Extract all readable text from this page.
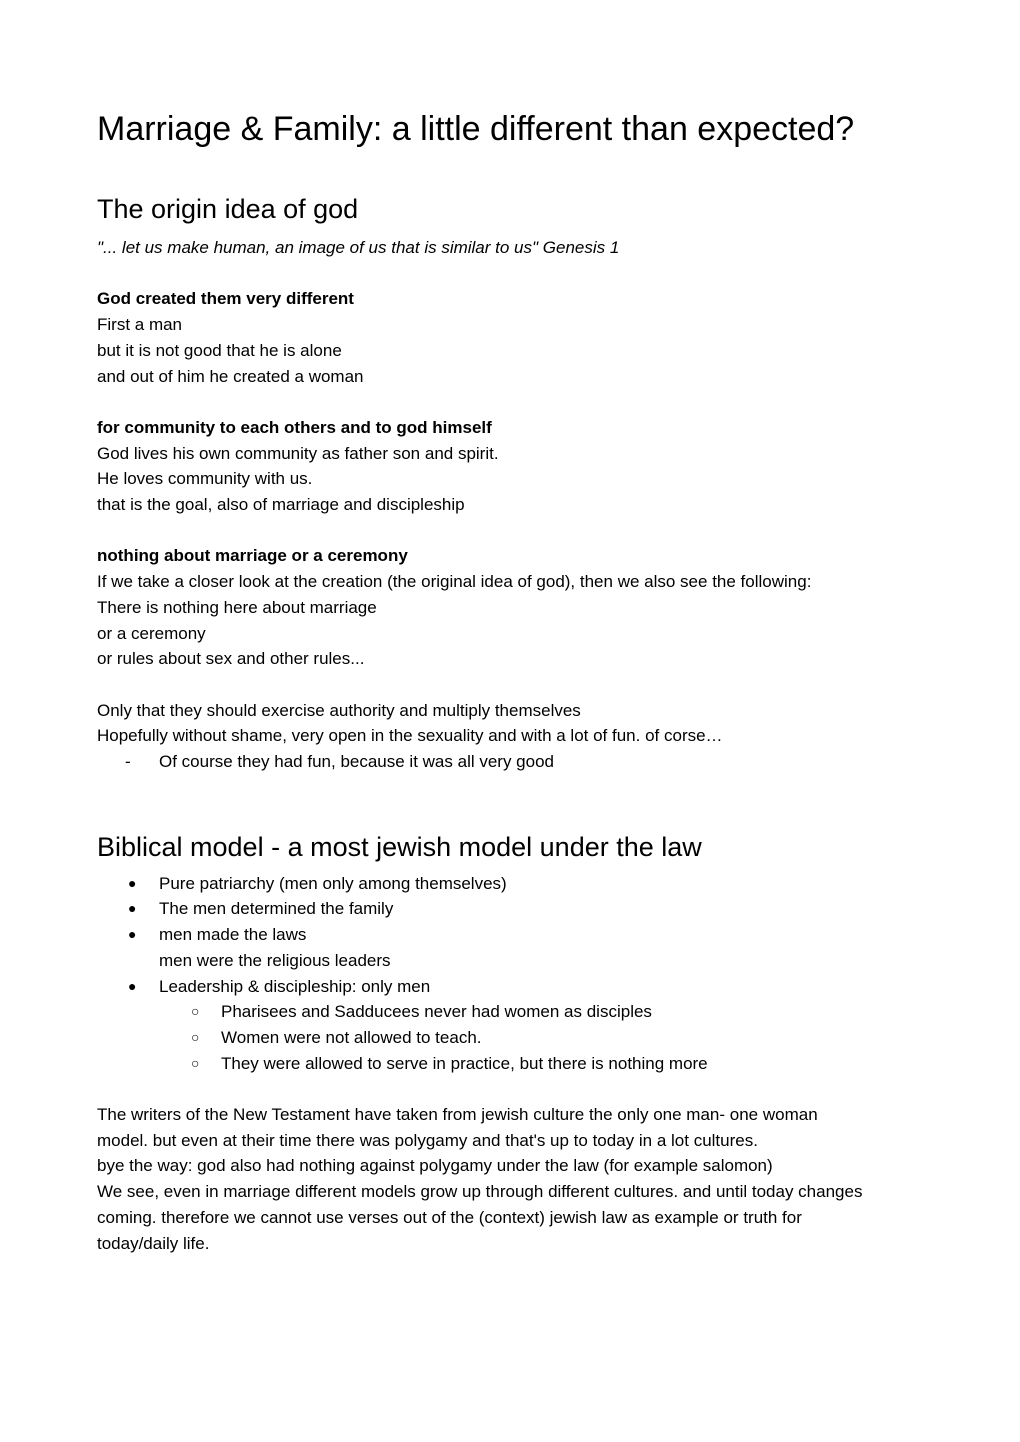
Marriage & Family: a little different than expected?
The origin idea of god
"... let us make human, an image of us that is similar to us" Genesis 1
God created them very different
First a man
but it is not good that he is alone
and out of him he created a woman
for community to each others and to god himself
God lives his own community as father son and spirit.
He loves community with us.
that is the goal, also of marriage and discipleship
nothing about marriage or a ceremony
If we take a closer look at the creation (the original idea of god), then we also see the following:
There is nothing here about marriage
or a ceremony
or rules about sex and other rules...
Only that they should exercise authority and multiply themselves
Hopefully without shame, very open in the sexuality and with a lot of fun. of corse…
-	Of course they had fun, because it was all very good
Biblical model - a most jewish model under the law
●	Pure patriarchy (men only among themselves)
●	The men determined the family
●	men made the laws
men were the religious leaders
●	Leadership & discipleship: only men
○	Pharisees and Sadducees never had women as disciples
○	Women were not allowed to teach.
○	They were allowed to serve in practice, but there is nothing more
The writers of the New Testament have taken from jewish culture the only one man- one woman
model. but even at their time there was polygamy and that's up to today in a lot cultures.
bye the way: god also had nothing against polygamy under the law (for example salomon)
We see, even in marriage different models grow up through different cultures. and until today changes
coming. therefore we cannot use verses out of the (context) jewish law as example or truth for
today/daily life.
